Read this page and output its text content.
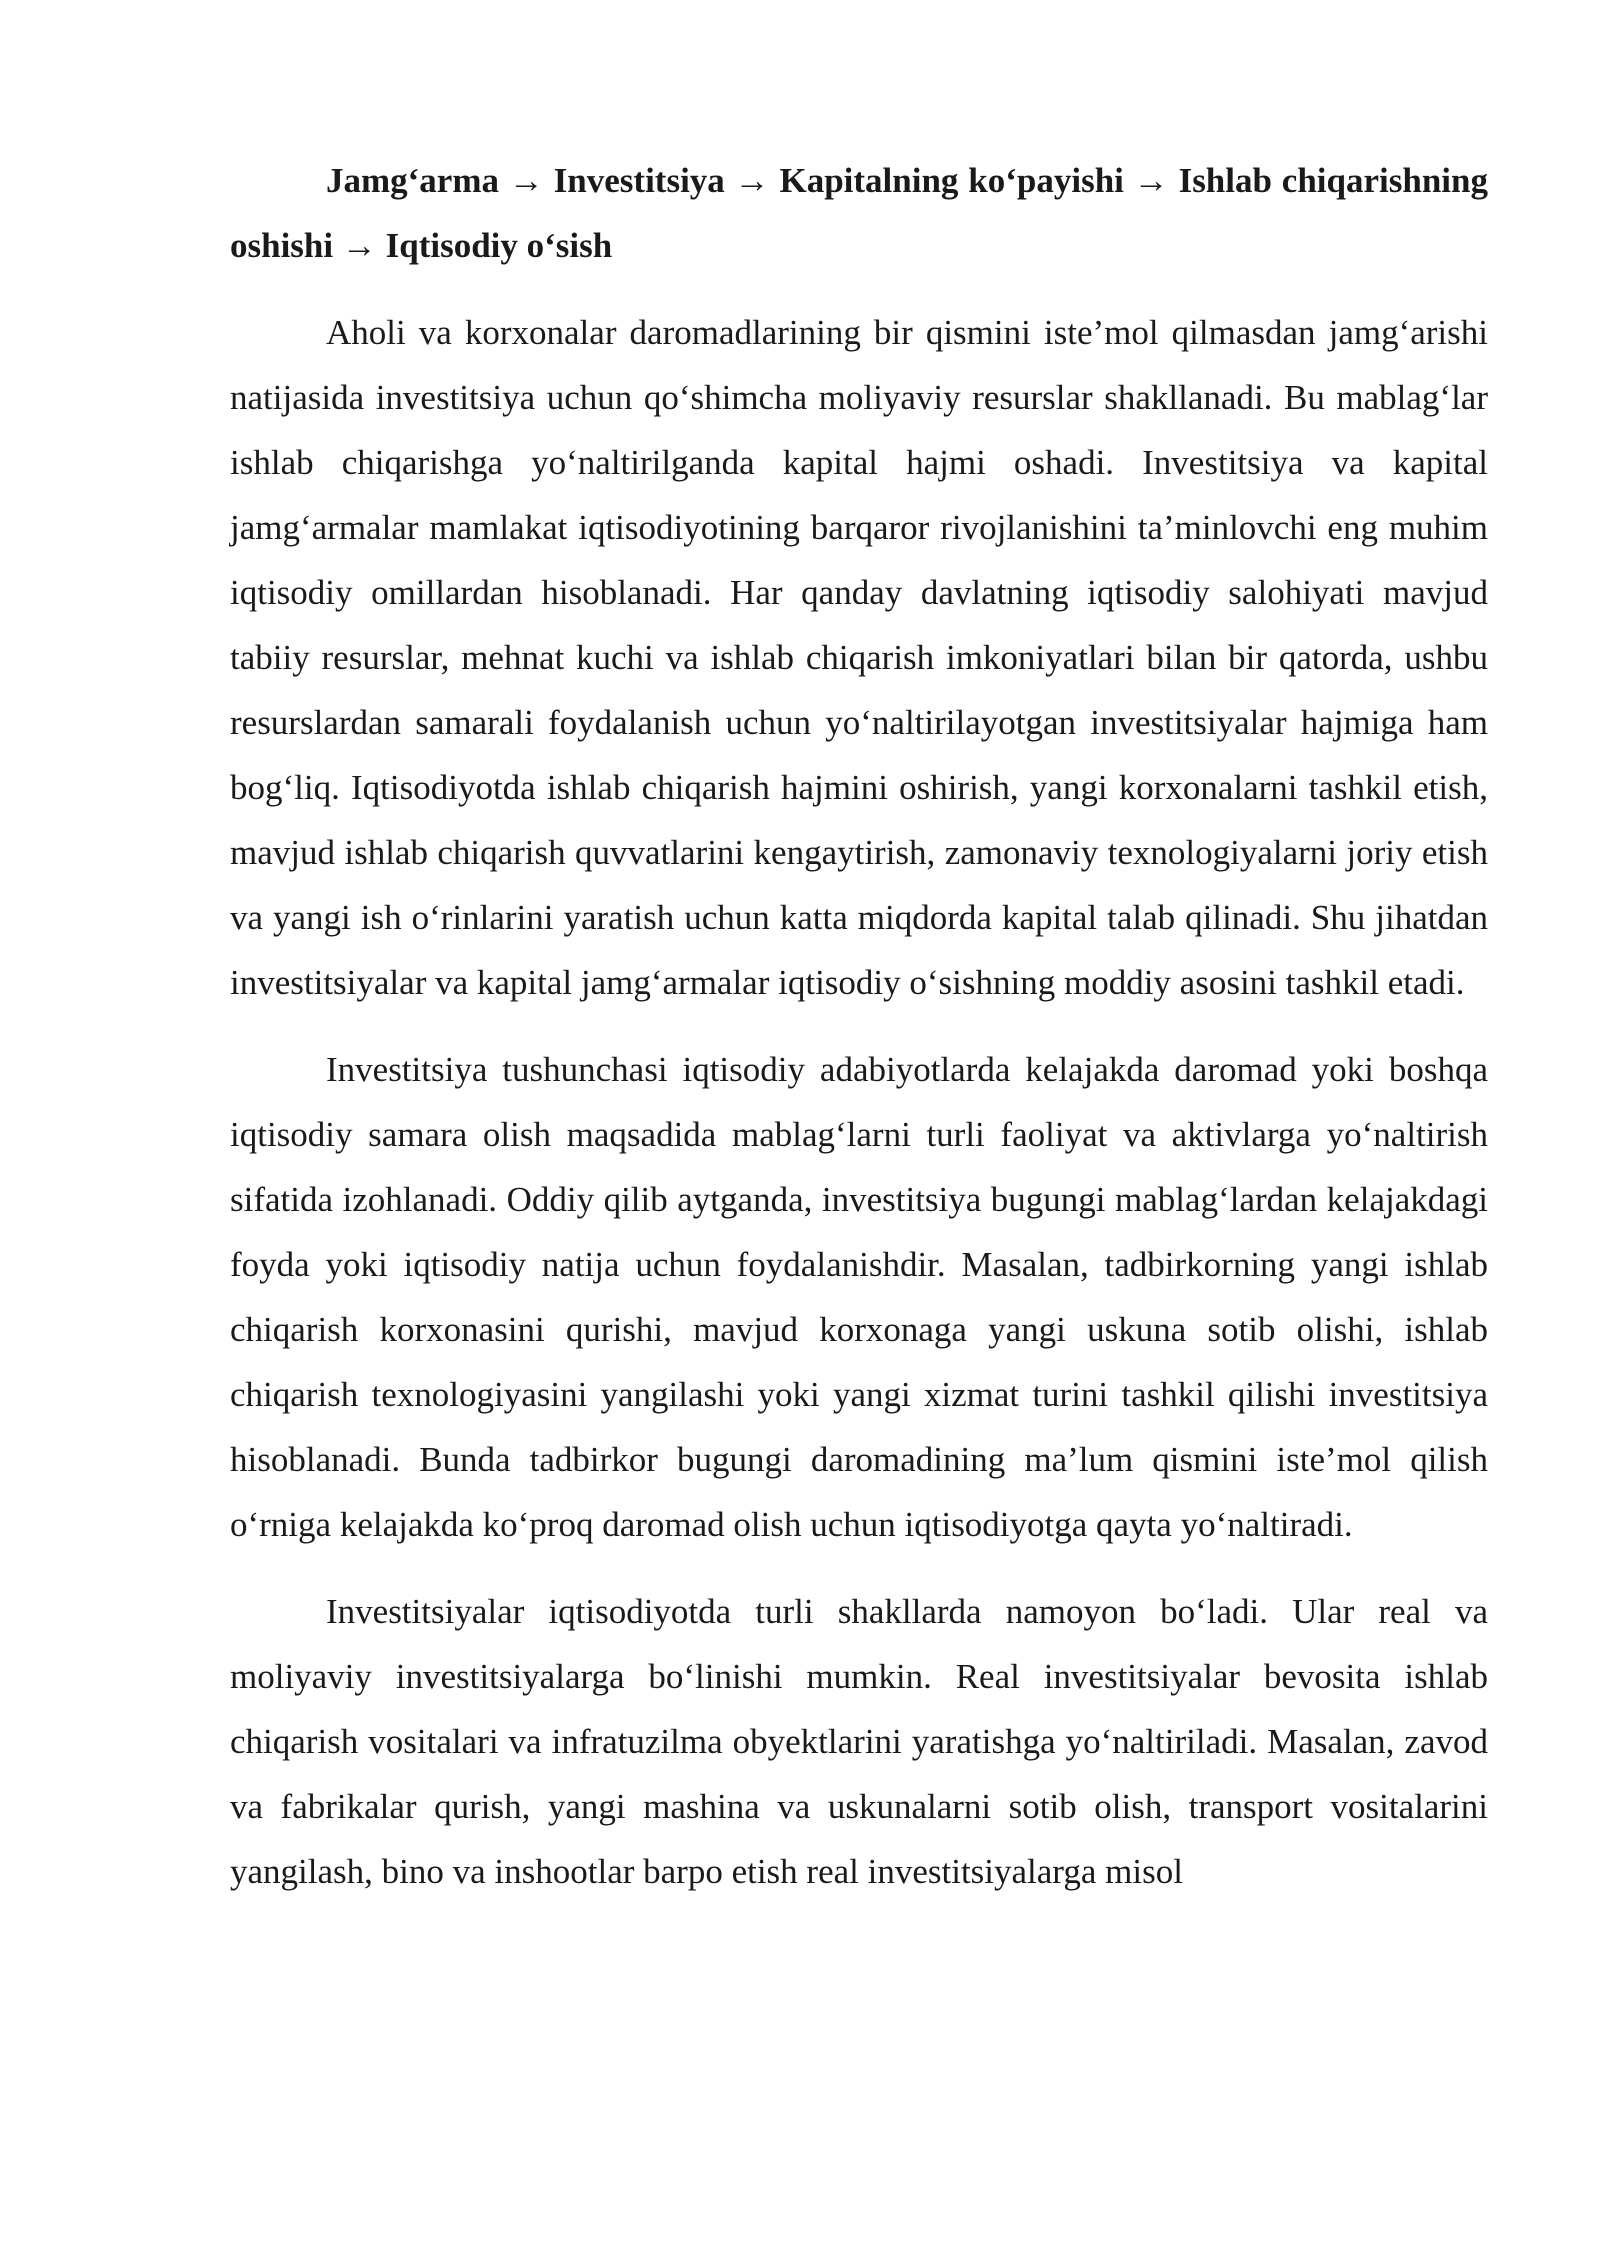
Jamg‘arma → Investitsiya → Kapitalning ko‘payishi → Ishlab chiqarishning oshishi → Iqtisodiy o‘sish

Aholi va korxonalar daromadlarining bir qismini iste’mol qilmasdan jamg‘arishi natijasida investitsiya uchun qo‘shimcha moliyaviy resurslar shakllanadi. Bu mablag‘lar ishlab chiqarishga yo‘naltirilganda kapital hajmi oshadi. Investitsiya va kapital jamg‘armalar mamlakat iqtisodiyotining barqaror rivojlanishini ta’minlovchi eng muhim iqtisodiy omillardan hisoblanadi. Har qanday davlatning iqtisodiy salohiyati mavjud tabiiy resurslar, mehnat kuchi va ishlab chiqarish imkoniyatlari bilan bir qatorda, ushbu resurslardan samarali foydalanish uchun yo‘naltirilayotgan investitsiyalar hajmiga ham bog‘liq. Iqtisodiyotda ishlab chiqarish hajmini oshirish, yangi korxonalarni tashkil etish, mavjud ishlab chiqarish quvvatlarini kengaytirish, zamonaviy texnologiyalarni joriy etish va yangi ish o‘rinlarini yaratish uchun katta miqdorda kapital talab qilinadi. Shu jihatdan investitsiyalar va kapital jamg‘armalar iqtisodiy o‘sishning moddiy asosini tashkil etadi.

Investitsiya tushunchasi iqtisodiy adabiyotlarda kelajakda daromad yoki boshqa iqtisodiy samara olish maqsadida mablag‘larni turli faoliyat va aktivlarga yo‘naltirish sifatida izohlanadi. Oddiy qilib aytganda, investitsiya bugungi mablag‘lardan kelajakdagi foyda yoki iqtisodiy natija uchun foydalanishdir. Masalan, tadbirkorning yangi ishlab chiqarish korxonasini qurishi, mavjud korxonaga yangi uskuna sotib olishi, ishlab chiqarish texnologiyasini yangilashi yoki yangi xizmat turini tashkil qilishi investitsiya hisoblanadi. Bunda tadbirkor bugungi daromadining ma’lum qismini iste’mol qilish o‘rniga kelajakda ko‘proq daromad olish uchun iqtisodiyotga qayta yo‘naltiradi.

Investitsiyalar iqtisodiyotda turli shakllarda namoyon bo‘ladi. Ular real va moliyaviy investitsiyalarga bo‘linishi mumkin. Real investitsiyalar bevosita ishlab chiqarish vositalari va infratuzilma obyektlarini yaratishga yo‘naltiriladi. Masalan, zavod va fabrikalar qurish, yangi mashina va uskunalarni sotib olish, transport vositalarini yangilash, bino va inshootlar barpo etish real investitsiyalarga misol
